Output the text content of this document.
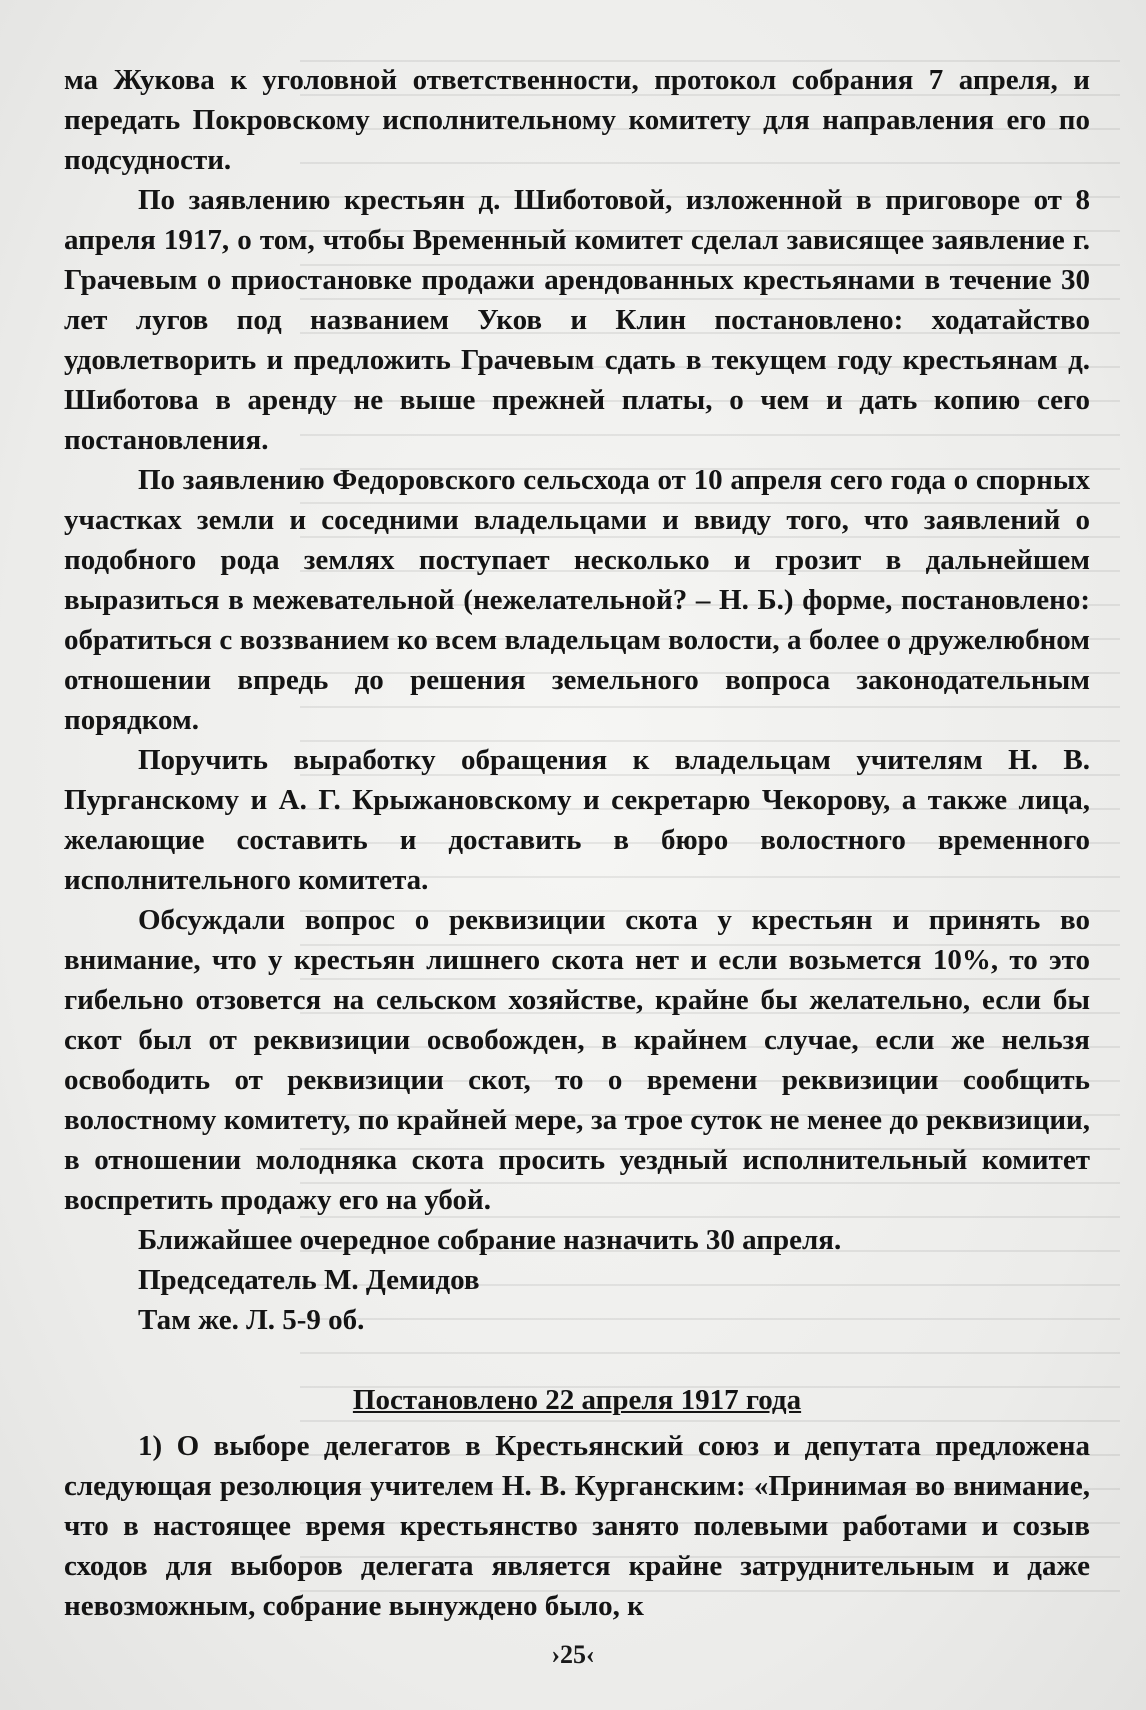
ма Жукова к уголовной ответственности, протокол собрания 7 апреля, и передать Покровскому исполнительному комитету для направления его по подсудности.

По заявлению крестьян д. Шиботовой, изложенной в приговоре от 8 апреля 1917, о том, чтобы Временный комитет сделал зависящее заявление г. Грачевым о приостановке продажи арендованных крестьянами в течение 30 лет лугов под названием Уков и Клин постановлено: ходатайство удовлетворить и предложить Грачевым сдать в текущем году крестьянам д. Шиботова в аренду не выше прежней платы, о чем и дать копию сего постановления.

По заявлению Федоровского сельсхода от 10 апреля сего года о спорных участках земли и соседними владельцами и ввиду того, что заявлений о подобного рода землях поступает несколько и грозит в дальнейшем выразиться в межевательной (нежелательной? – Н. Б.) форме, постановлено: обратиться с воззванием ко всем владельцам волости, а более о дружелюбном отношении впредь до решения земельного вопроса законодательным порядком.

Поручить выработку обращения к владельцам учителям Н. В. Пурганскому и А. Г. Крыжановскому и секретарю Чекорову, а также лица, желающие составить и доставить в бюро волостного временного исполнительного комитета.

Обсуждали вопрос о реквизиции скота у крестьян и принять во внимание, что у крестьян лишнего скота нет и если возьмется 10%, то это гибельно отзовется на сельском хозяйстве, крайне бы желательно, если бы скот был от реквизиции освобожден, в крайнем случае, если же нельзя освободить от реквизиции скот, то о времени реквизиции сообщить волостному комитету, по крайней мере, за трое суток не менее до реквизиции, в отношении молодняка скота просить уездный исполнительный комитет воспретить продажу его на убой.

Ближайшее очередное собрание назначить 30 апреля.

Председатель М. Демидов

Там же. Л. 5-9 об.

Постановлено 22 апреля 1917 года

1) О выборе делегатов в Крестьянский союз и депутата предложена следующая резолюция учителем Н. В. Курганским: «Принимая во внимание, что в настоящее время крестьянство занято полевыми работами и созыв сходов для выборов делегата является крайне затруднительным и даже невозможным, собрание вынуждено было, к

›25‹
